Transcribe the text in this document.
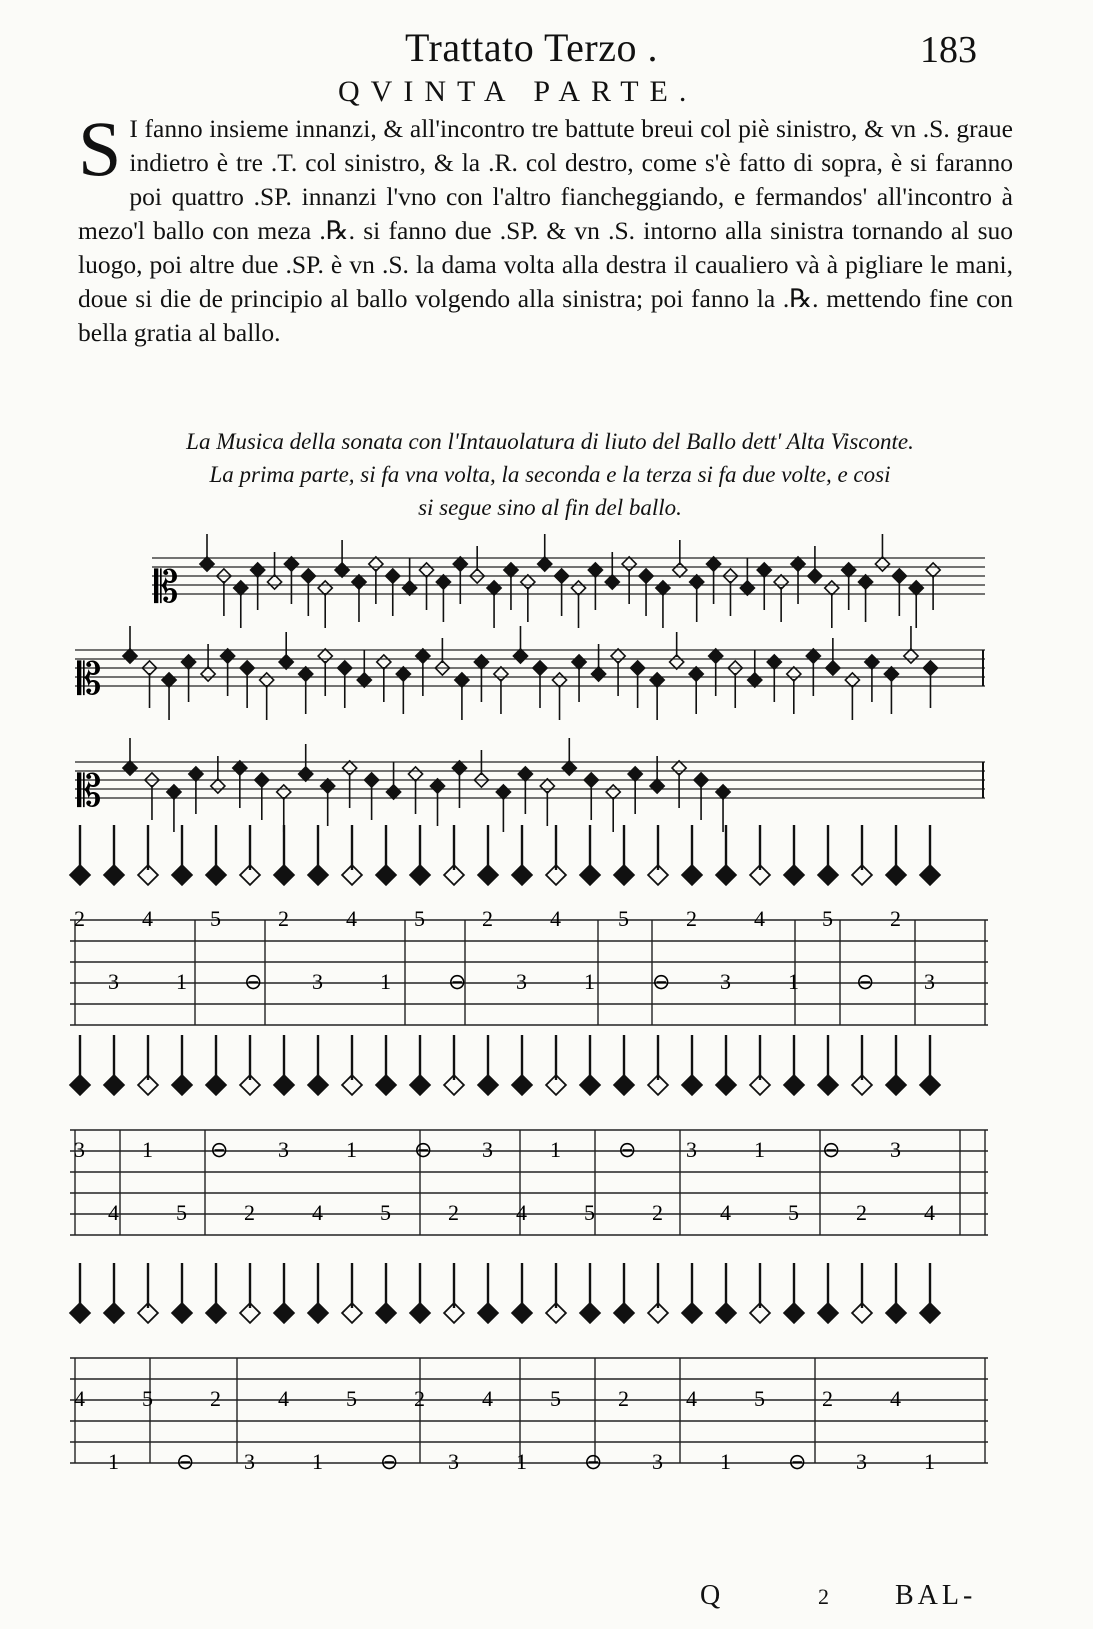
Trattato Terzo .	183
QVINTA PARTE.
S I fanno insieme innanzi, & all'incontro tre battute breui col piè sinistro, & vn .S. graue indietro è tre .T. col sinistro, & la .R. col destro, come s'è fatto di sopra, è si faranno poi quattro .SP. innanzi l'vno con l'altro fiancheggiando, e fermandos' all'incontro à mezo'l ballo con meza .℞. si fanno due .SP. & vn .S. intorno alla sinistra tornando al suo luogo, poi altre due .SP. è vn .S. la dama volta alla destra il caualiero và à pigliare le mani, doue si die de principio al ballo volgendo alla sinistra; poi fanno la .℞. mettendo fine con bella gratia al ballo.
La Musica della sonata con l'Intauolatura di liuto del Ballo dett' Alta Visconte.
La prima parte, si fa vna volta, la seconda e la terza si fa due volte, e cosi
si segue sino al fin del ballo.
𝄡
𝄡
𝄡
2
3
4
1
5
⊖
2
3
4
1
5
⊖
2
3
4
1
5
⊖
2
3
4
1
5
⊖
2
3
3
4
1
5
⊖
2
3
4
1
5
⊖
2
3
4
1
5
⊖
2
3
4
1
5
⊖
2
3
4
4
1
5
⊖
2
3
4
1
5
⊖
2
3
4
1
5
⊖
2
3
4
1
5
⊖
2
3
4
1
Q	2 BAL-
